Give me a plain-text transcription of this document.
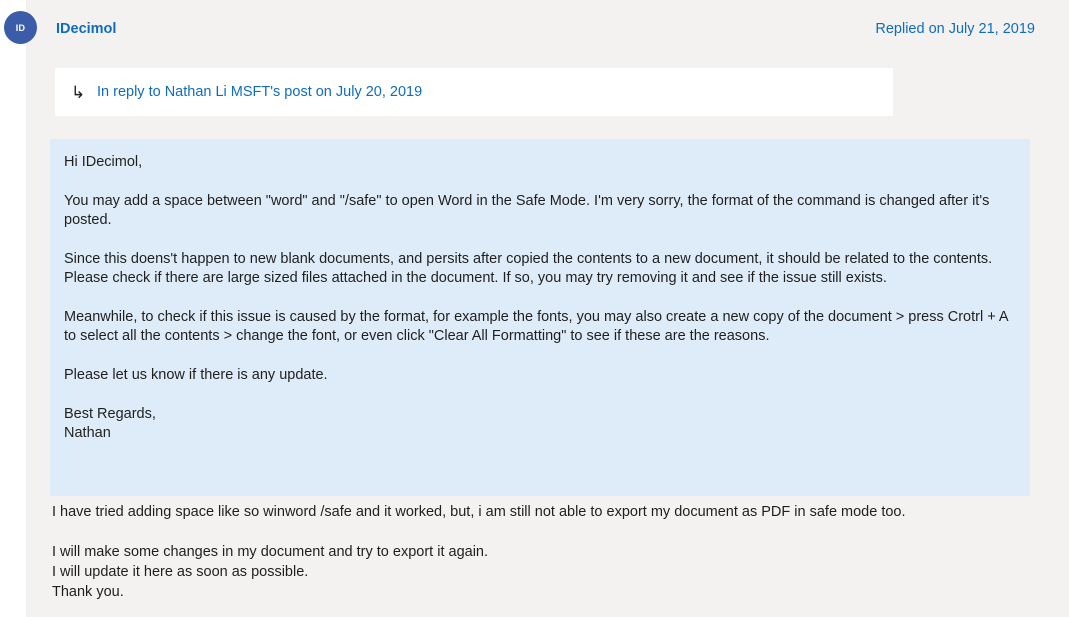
ID	IDecimol	Replied on July 21, 2019
↳ In reply to Nathan Li MSFT's post on July 20, 2019

Hi IDecimol,

You may add a space between "word" and "/safe" to open Word in the Safe Mode. I'm very sorry, the format of the command is changed after it's posted.

Since this doens't happen to new blank documents, and persits after copied the contents to a new document, it should be related to the contents. Please check if there are large sized files attached in the document. If so, you may try removing it and see if the issue still exists.

Meanwhile, to check if this issue is caused by the format, for example the fonts, you may also create a new copy of the document > press Crotrl + A to select all the contents > change the font, or even click "Clear All Formatting" to see if these are the reasons.

Please let us know if there is any update.

Best Regards,

Nathan

I have tried adding space like so winword /safe and it worked, but, i am still not able to export my document as PDF in safe mode too.

I will make some changes in my document and try to export it again.

I will update it here as soon as possible.

Thank you.
